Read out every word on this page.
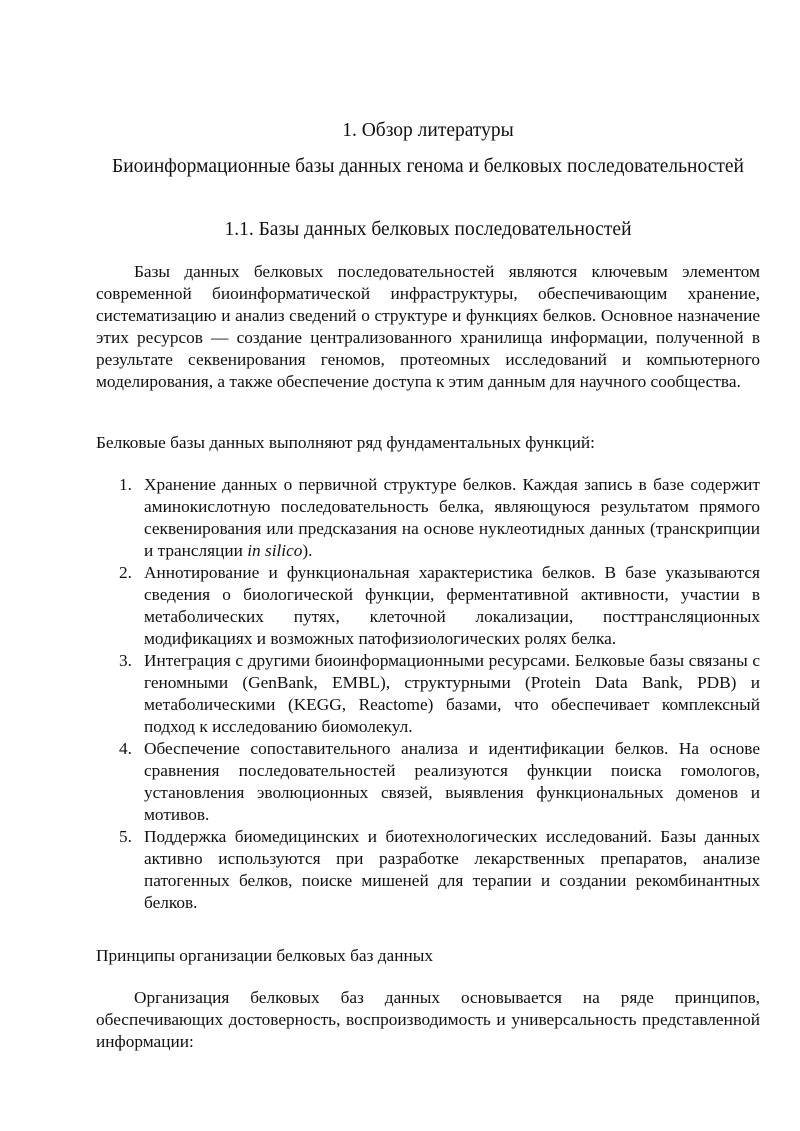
1. Обзор литературы
Биоинформационные базы данных генома и белковых последовательностей
1.1. Базы данных белковых последовательностей
Базы данных белковых последовательностей являются ключевым элементом современной биоинформатической инфраструктуры, обеспечивающим хранение, систематизацию и анализ сведений о структуре и функциях белков. Основное назначение этих ресурсов — создание централизованного хранилища информации, полученной в результате секвенирования геномов, протеомных исследований и компьютерного моделирования, а также обеспечение доступа к этим данным для научного сообщества.
Белковые базы данных выполняют ряд фундаментальных функций:
1. Хранение данных о первичной структуре белков. Каждая запись в базе содержит аминокислотную последовательность белка, являющуюся результатом прямого секвенирования или предсказания на основе нуклеотидных данных (транскрипции и трансляции in silico).
2. Аннотирование и функциональная характеристика белков. В базе указываются сведения о биологической функции, ферментативной активности, участии в метаболических путях, клеточной локализации, посттрансляционных модификациях и возможных патофизиологических ролях белка.
3. Интеграция с другими биоинформационными ресурсами. Белковые базы связаны с геномными (GenBank, EMBL), структурными (Protein Data Bank, PDB) и метаболическими (KEGG, Reactome) базами, что обеспечивает комплексный подход к исследованию биомолекул.
4. Обеспечение сопоставительного анализа и идентификации белков. На основе сравнения последовательностей реализуются функции поиска гомологов, установления эволюционных связей, выявления функциональных доменов и мотивов.
5. Поддержка биомедицинских и биотехнологических исследований. Базы данных активно используются при разработке лекарственных препаратов, анализе патогенных белков, поиске мишеней для терапии и создании рекомбинантных белков.
Принципы организации белковых баз данных
Организация белковых баз данных основывается на ряде принципов, обеспечивающих достоверность, воспроизводимость и универсальность представленной информации:
